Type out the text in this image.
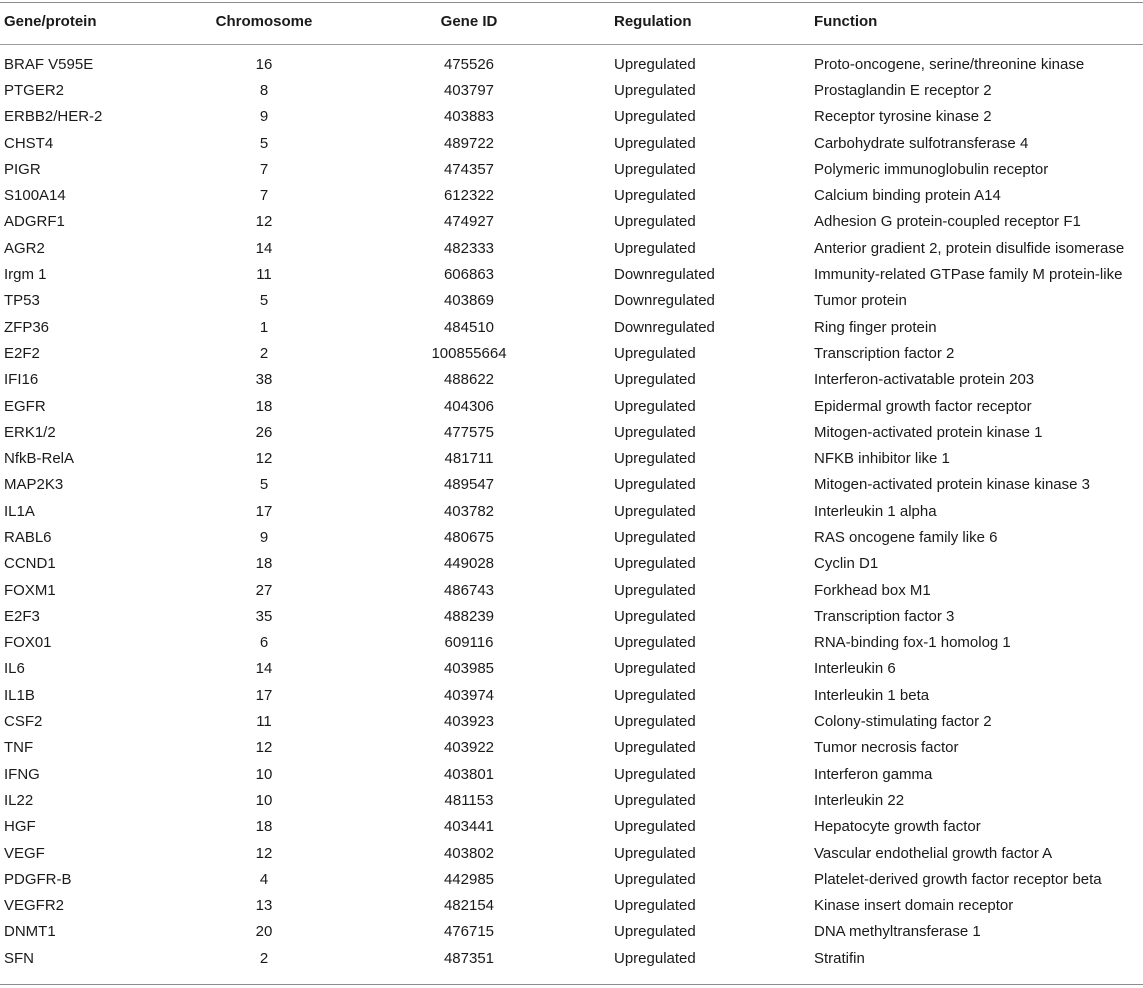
Gene/protein	Chromosome	Gene ID	Regulation	Function

BRAF V595E	16	475526	Upregulated	Proto-oncogene, serine/threonine kinase
PTGER2	8	403797	Upregulated	Prostaglandin E receptor 2
ERBB2/HER-2	9	403883	Upregulated	Receptor tyrosine kinase 2
CHST4	5	489722	Upregulated	Carbohydrate sulfotransferase 4
PIGR	7	474357	Upregulated	Polymeric immunoglobulin receptor
S100A14	7	612322	Upregulated	Calcium binding protein A14
ADGRF1	12	474927	Upregulated	Adhesion G protein-coupled receptor F1
AGR2	14	482333	Upregulated	Anterior gradient 2, protein disulfide isomerase
Irgm 1	11	606863	Downregulated	Immunity-related GTPase family M protein-like
TP53	5	403869	Downregulated	Tumor protein
ZFP36	1	484510	Downregulated	Ring finger protein
E2F2	2	100855664	Upregulated	Transcription factor 2
IFI16	38	488622	Upregulated	Interferon-activatable protein 203
EGFR	18	404306	Upregulated	Epidermal growth factor receptor
ERK1/2	26	477575	Upregulated	Mitogen-activated protein kinase 1
NfkB-RelA	12	481711	Upregulated	NFKB inhibitor like 1
MAP2K3	5	489547	Upregulated	Mitogen-activated protein kinase kinase 3
IL1A	17	403782	Upregulated	Interleukin 1 alpha
RABL6	9	480675	Upregulated	RAS oncogene family like 6
CCND1	18	449028	Upregulated	Cyclin D1
FOXM1	27	486743	Upregulated	Forkhead box M1
E2F3	35	488239	Upregulated	Transcription factor 3
FOX01	6	609116	Upregulated	RNA-binding fox-1 homolog 1
IL6	14	403985	Upregulated	Interleukin 6
IL1B	17	403974	Upregulated	Interleukin 1 beta
CSF2	11	403923	Upregulated	Colony-stimulating factor 2
TNF	12	403922	Upregulated	Tumor necrosis factor
IFNG	10	403801	Upregulated	Interferon gamma
IL22	10	481153	Upregulated	Interleukin 22
HGF	18	403441	Upregulated	Hepatocyte growth factor
VEGF	12	403802	Upregulated	Vascular endothelial growth factor A
PDGFR-B	4	442985	Upregulated	Platelet-derived growth factor receptor beta
VEGFR2	13	482154	Upregulated	Kinase insert domain receptor
DNMT1	20	476715	Upregulated	DNA methyltransferase 1
SFN	2	487351	Upregulated	Stratifin
